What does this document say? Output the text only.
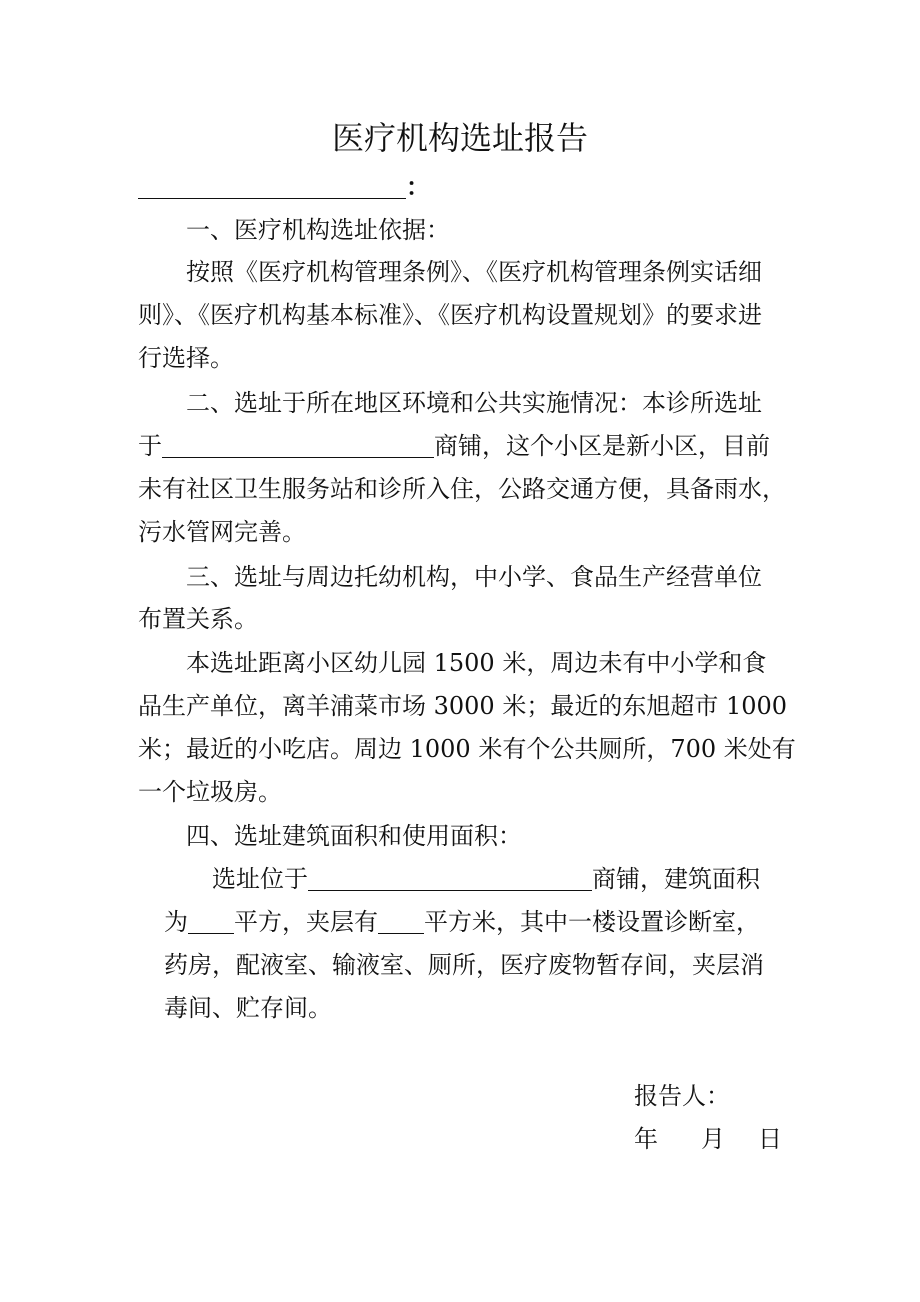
医疗机构选址报告
：

一、医疗机构选址依据：

按照《医疗机构管理条例》、《医疗机构管理条例实话细

则》、《医疗机构基本标准》、《医疗机构设置规划》的要求进

行选择。

二、选址于所在地区环境和公共实施情况：本诊所选址

于	商铺，这个小区是新小区，目前

未有社区卫生服务站和诊所入住，公路交通方便，具备雨水，

污水管网完善。

三、选址与周边托幼机构，中小学、食品生产经营单位

布置关系。

本选址距离小区幼儿园 1500 米，周边未有中小学和食

品生产单位，离羊浦菜市场 3000 米；最近的东旭超市 1000

米；最近的小吃店。周边 1000 米有个公共厕所，700 米处有

一个垃圾房。

四、选址建筑面积和使用面积：

选址位于	商铺，建筑面积
为 平方，夹层有 平方米，其中一楼设置诊断室，

药房，配液室、输液室、厕所，医疗废物暂存间，夹层消

毒间、贮存间。

报告人：

年 月 日
